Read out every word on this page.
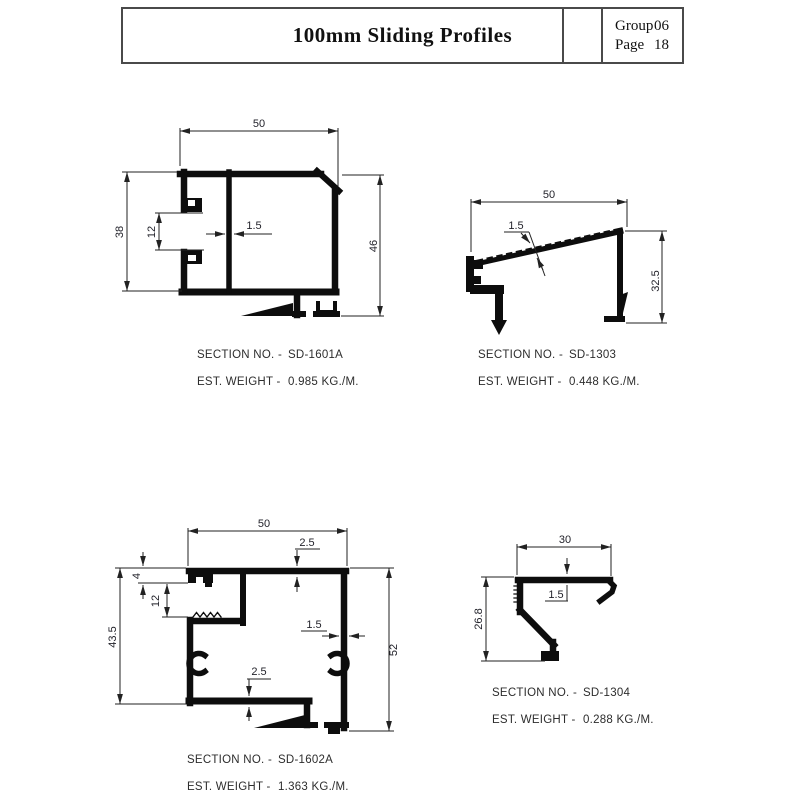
100mm Sliding Profiles	Group 06
Page 18
50
38 12	1.5
46
50
1.5
32.5
50
2.5
4
12
43.5
52
1.5
2.5
30
1.5
26.8
SECTION NO. - SD-1601A
EST. WEIGHT - 0.985 KG./M.
SECTION NO. - SD-1303
EST. WEIGHT - 0.448 KG./M.
SECTION NO. - SD-1602A
EST. WEIGHT - 1.363 KG./M.
SECTION NO. - SD-1304
EST. WEIGHT - 0.288 KG./M.
